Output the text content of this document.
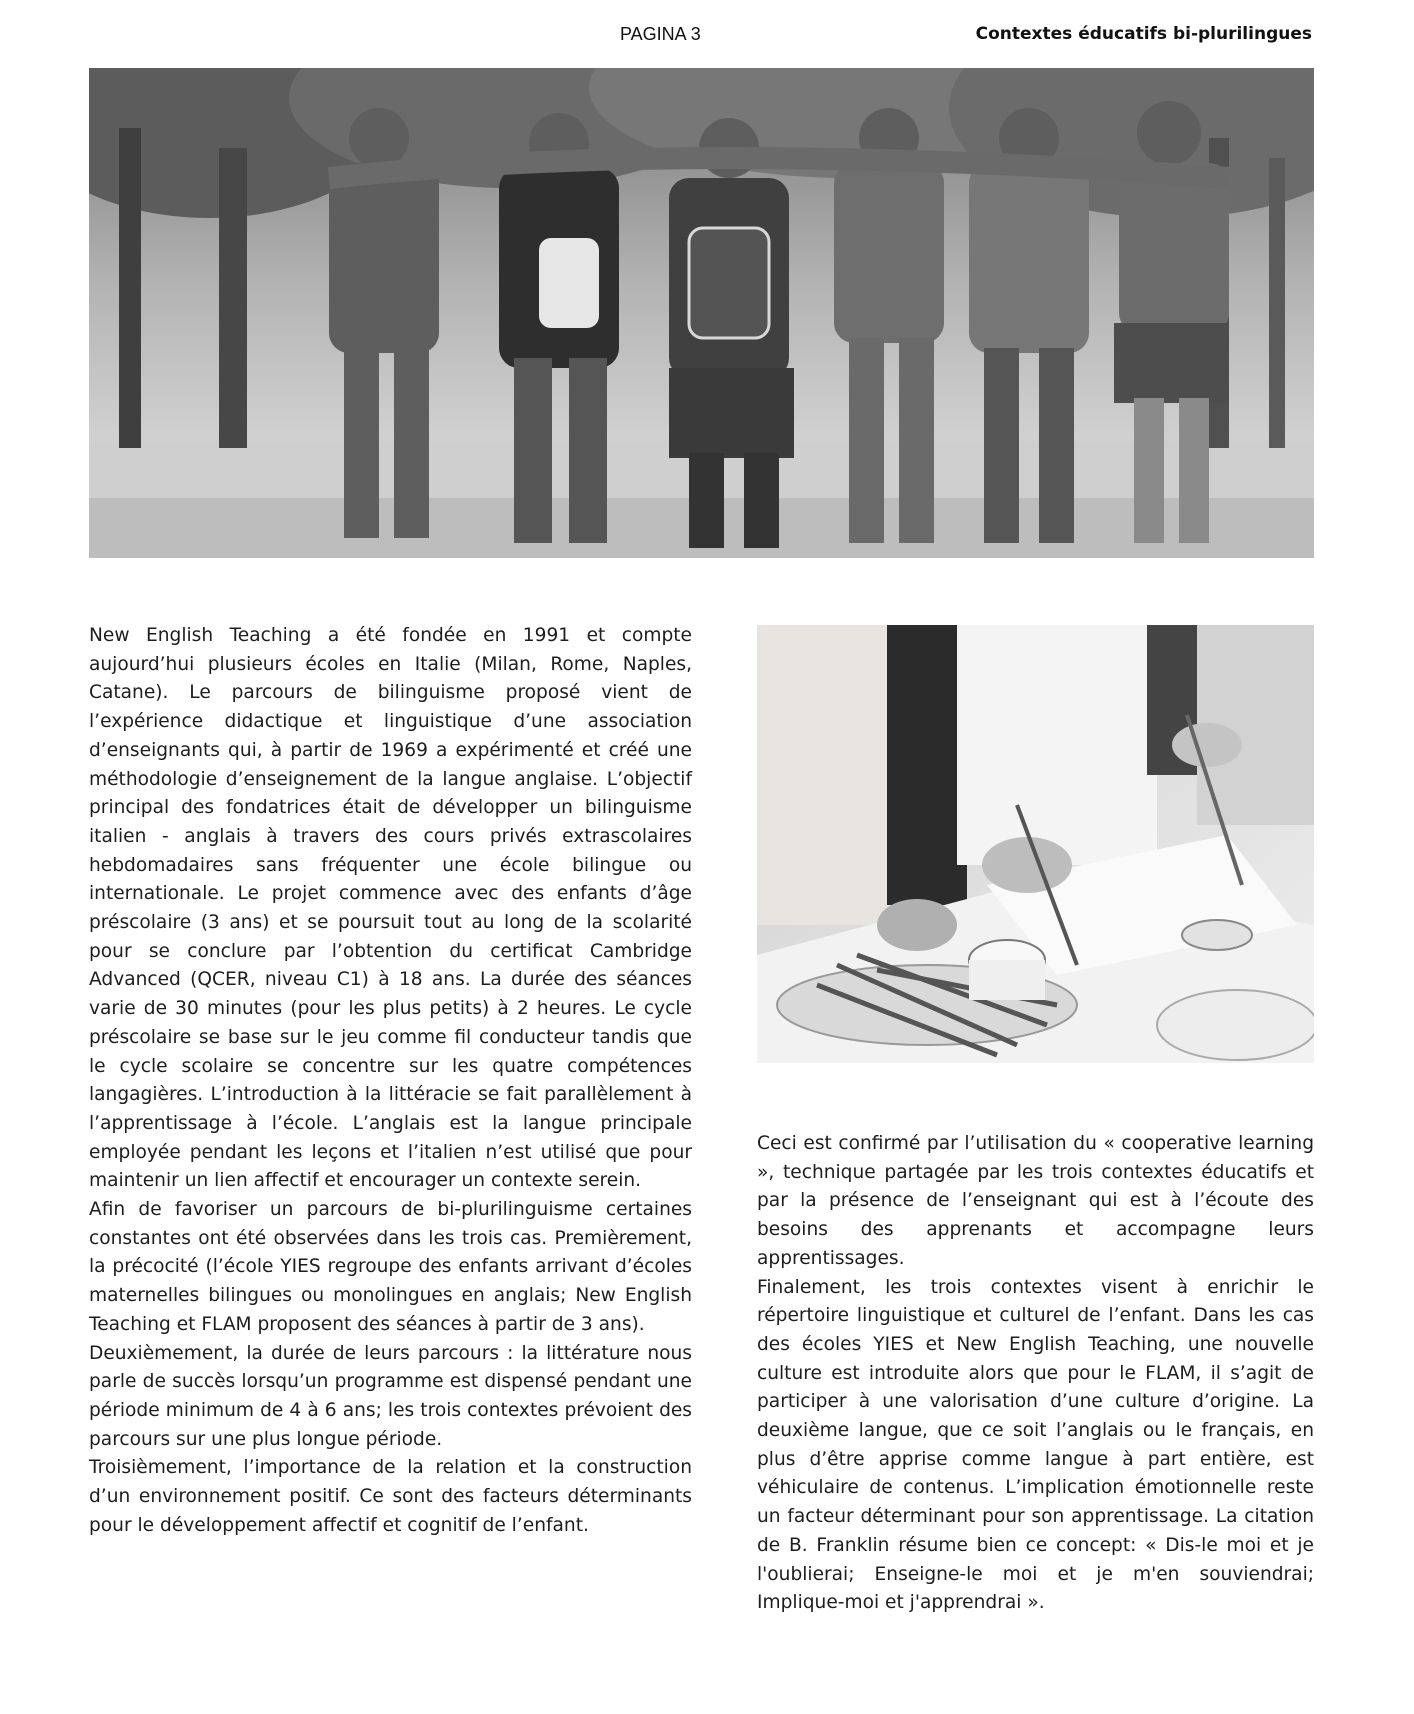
PAGINA 3	Contextes éducatifs bi-plurilingues

New English Teaching a été fondée en 1991 et compte aujourd’hui plusieurs écoles en Italie (Milan, Rome, Naples, Catane). Le parcours de bilinguisme proposé vient de l’expérience didactique et linguistique d’une association d’enseignants qui, à partir de 1969 a expérimenté et créé une méthodologie d’enseignement de la langue anglaise. L’objectif principal des fondatrices était de développer un bilinguisme italien - anglais à travers des cours privés extrascolaires hebdomadaires sans fréquenter une école bilingue ou internationale. Le projet commence avec des enfants d’âge préscolaire (3 ans) et se poursuit tout au long de la scolarité pour se conclure par l’obtention du certificat Cambridge Advanced (QCER, niveau C1) à 18 ans. La durée des séances varie de 30 minutes (pour les plus petits) à 2 heures. Le cycle préscolaire se base sur le jeu comme fil conducteur tandis que le cycle scolaire se concentre sur les quatre compétences langagières. L’introduction à la littéracie se fait parallèlement à l’apprentissage à l’école. L’anglais est la langue principale employée pendant les leçons et l’italien n’est utilisé que pour maintenir un lien affectif et encourager un contexte serein.

Afin de favoriser un parcours de bi-plurilinguisme certaines constantes ont été observées dans les trois cas. Premièrement, la précocité (l’école YIES regroupe des enfants arrivant d’écoles maternelles bilingues ou monolingues en anglais; New English Teaching et FLAM proposent des séances à partir de 3 ans).

Deuxièmement, la durée de leurs parcours : la littérature nous parle de succès lorsqu’un programme est dispensé pendant une période minimum de 4 à 6 ans; les trois contextes prévoient des parcours sur une plus longue période.

Troisièmement, l’importance de la relation et la construction d’un environnement positif. Ce sont des facteurs déterminants pour le développement affectif et cognitif de l’enfant.

Ceci est confirmé par l’utilisation du « cooperative learning », technique partagée par les trois contextes éducatifs et par la présence de l’enseignant qui est à l’écoute des besoins des apprenants et accompagne leurs apprentissages.

Finalement, les trois contextes visent à enrichir le répertoire linguistique et culturel de l’enfant. Dans les cas des écoles YIES et New English Teaching, une nouvelle culture est introduite alors que pour le FLAM, il s’agit de participer à une valorisation d’une culture d’origine. La deuxième langue, que ce soit l’anglais ou le français, en plus d’être apprise comme langue à part entière, est véhiculaire de contenus. L’implication émotionnelle reste un facteur déterminant pour son apprentissage. La citation de B. Franklin résume bien ce concept: « Dis-le moi et je l'oublierai; Enseigne-le moi et je m'en souviendrai; Implique-moi et j'apprendrai ».
